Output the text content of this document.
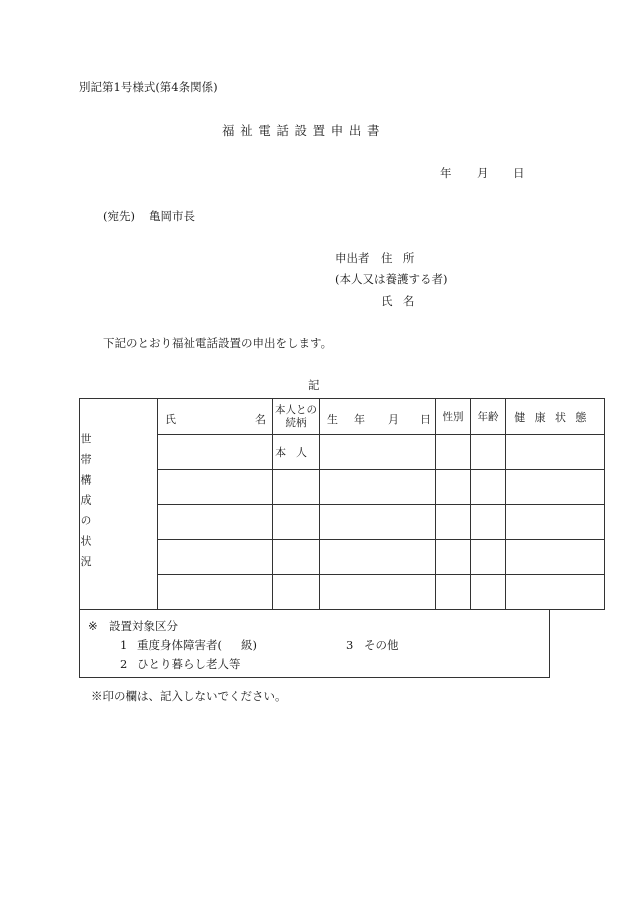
別記第1号様式(第4条関係)
福祉電話設置申出書
年 月 日
(宛先) 亀岡市長
申出者 住所
(本人又は養護する者)
氏名
下記のとおり福祉電話設置の申出をします。
記
世帯構成の状況	氏 名	本人との続柄	生 年 月 日	性別	年齢	健康状態
		本人				

※ 設置対象区分
1 重度身体障害者( 級)	3 その他
2 ひとり暮らし老人等
※印の欄は、記入しないでください。
